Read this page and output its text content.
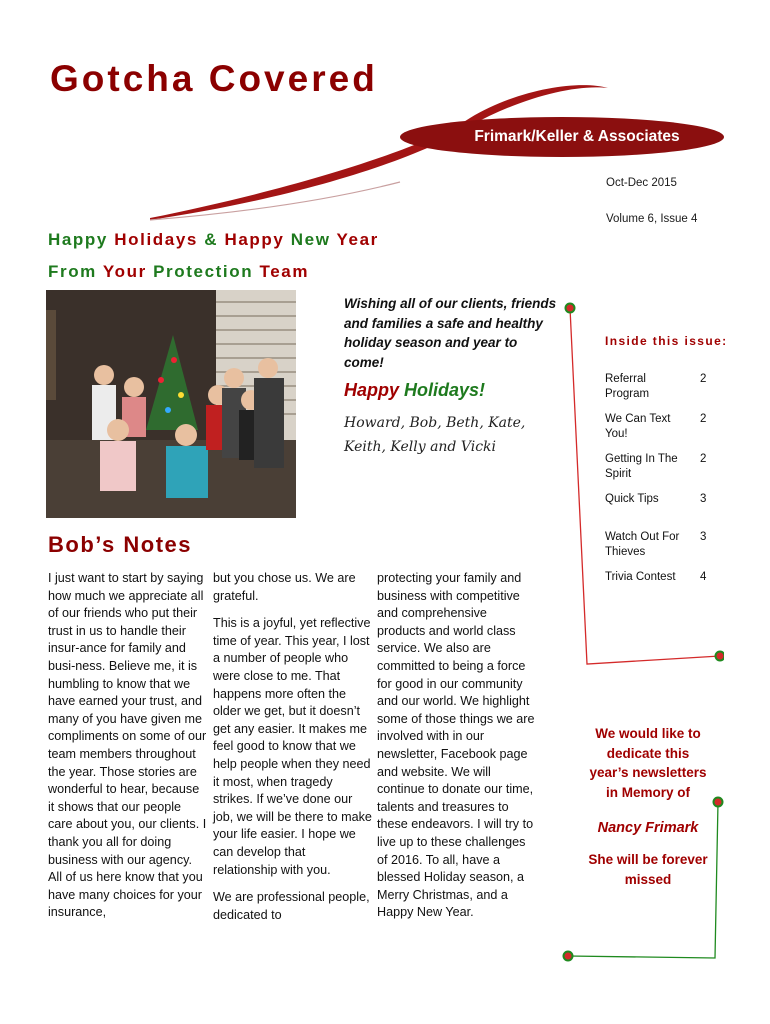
Gotcha Covered
Frimark/Keller & Associates
Oct-Dec 2015
Volume 6, Issue 4
Happy Holidays & Happy New Year
From Your Protection Team
Wishing all of our clients, friends and families a safe and healthy holiday season and year to come!
Happy Holidays!
Howard, Bob, Beth, Kate, Keith, Kelly and Vicki
Bob’s Notes

I just want to start by saying how much we appreciate all of our friends who put their trust in us to handle their insur-ance for family and busi-ness. Believe me, it is humbling to know that we have earned your trust, and many of you have given me compliments on some of our team members throughout the year. Those stories are wonderful to hear, because it shows that our people care about you, our clients. I thank you all for doing business with our agency. All of us here know that you have many choices for your insurance,

but you chose us. We are grateful.

This is a joyful, yet reflective time of year. This year, I lost a number of people who were close to me. That happens more often the older we get, but it doesn’t get any easier. It makes me feel good to know that we help people when they need it most, when tragedy strikes. If we’ve done our job, we will be there to make your life easier. I hope we can develop that relationship with you.

We are professional people, dedicated to

protecting your family and business with competitive and comprehensive products and world class service. We also are committed to being a force for good in our community and our world. We highlight some of those things we are involved with in our newsletter, Facebook page and website. We will continue to donate our time, talents and treasures to these endeavors. I will try to live up to these challenges of 2016. To all, have a blessed Holiday season, a Merry Christmas, and a Happy New Year.

Inside this issue:
Referral Program
2
We Can Text You!
2
Getting In The Spirit
2
Quick Tips	3
Watch Out For Thieves
3
Trivia Contest	4
We would like to dedicate this year’s newsletters in Memory of
Nancy Frimark
She will be forever missed
